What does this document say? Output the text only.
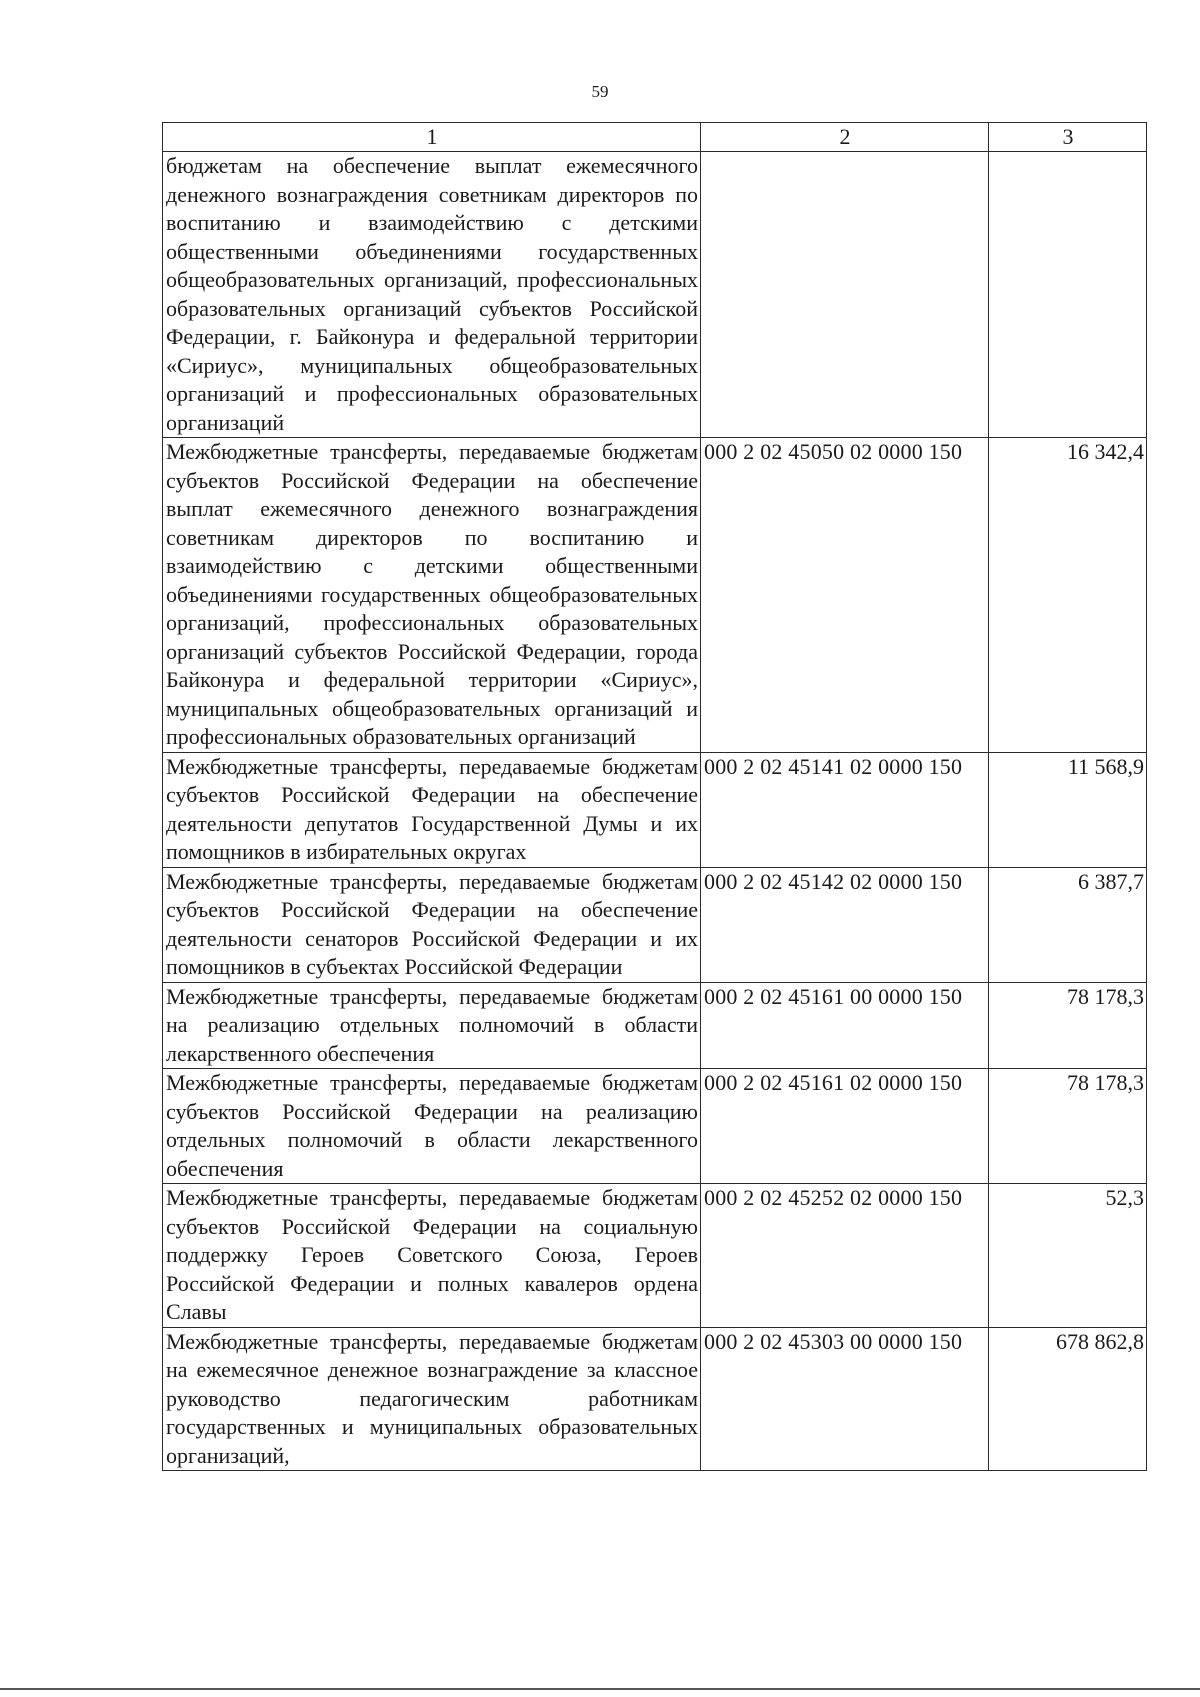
59
1	2	3
бюджетам на обеспечение выплат ежемесячного денежного вознаграждения советникам директоров по воспитанию и взаимодействию с детскими общественными объединениями государственных общеобразовательных организаций, профессиональных образовательных организаций субъектов Российской Федерации, г. Байконура и федеральной территории «Сириус», муниципальных общеобразовательных организаций и профессиональных образовательных организаций		
Межбюджетные трансферты, передаваемые бюджетам субъектов Российской Федерации на обеспечение выплат ежемесячного денежного вознаграждения советникам директоров по воспитанию и взаимодействию с детскими общественными объединениями государственных общеобразовательных организаций, профессиональных образовательных организаций субъектов Российской Федерации, города Байконура и федеральной территории «Сириус», муниципальных общеобразовательных организаций и профессиональных образовательных организаций	000 2 02 45050 02 0000 150	16 342,4
Межбюджетные трансферты, передаваемые бюджетам субъектов Российской Федерации на обеспечение деятельности депутатов Государственной Думы и их помощников в избирательных округах	000 2 02 45141 02 0000 150	11 568,9
Межбюджетные трансферты, передаваемые бюджетам субъектов Российской Федерации на обеспечение деятельности сенаторов Российской Федерации и их помощников в субъектах Российской Федерации	000 2 02 45142 02 0000 150	6 387,7
Межбюджетные трансферты, передаваемые бюджетам на реализацию отдельных полномочий в области лекарственного обеспечения	000 2 02 45161 00 0000 150	78 178,3
Межбюджетные трансферты, передаваемые бюджетам субъектов Российской Федерации на реализацию отдельных полномочий в области лекарственного обеспечения	000 2 02 45161 02 0000 150	78 178,3
Межбюджетные трансферты, передаваемые бюджетам субъектов Российской Федерации на социальную поддержку Героев Советского Союза, Героев Российской Федерации и полных кавалеров ордена Славы	000 2 02 45252 02 0000 150	52,3
Межбюджетные трансферты, передаваемые бюджетам на ежемесячное денежное вознаграждение за классное руководство педагогическим работникам государственных и муниципальных образовательных организаций,	000 2 02 45303 00 0000 150	678 862,8
